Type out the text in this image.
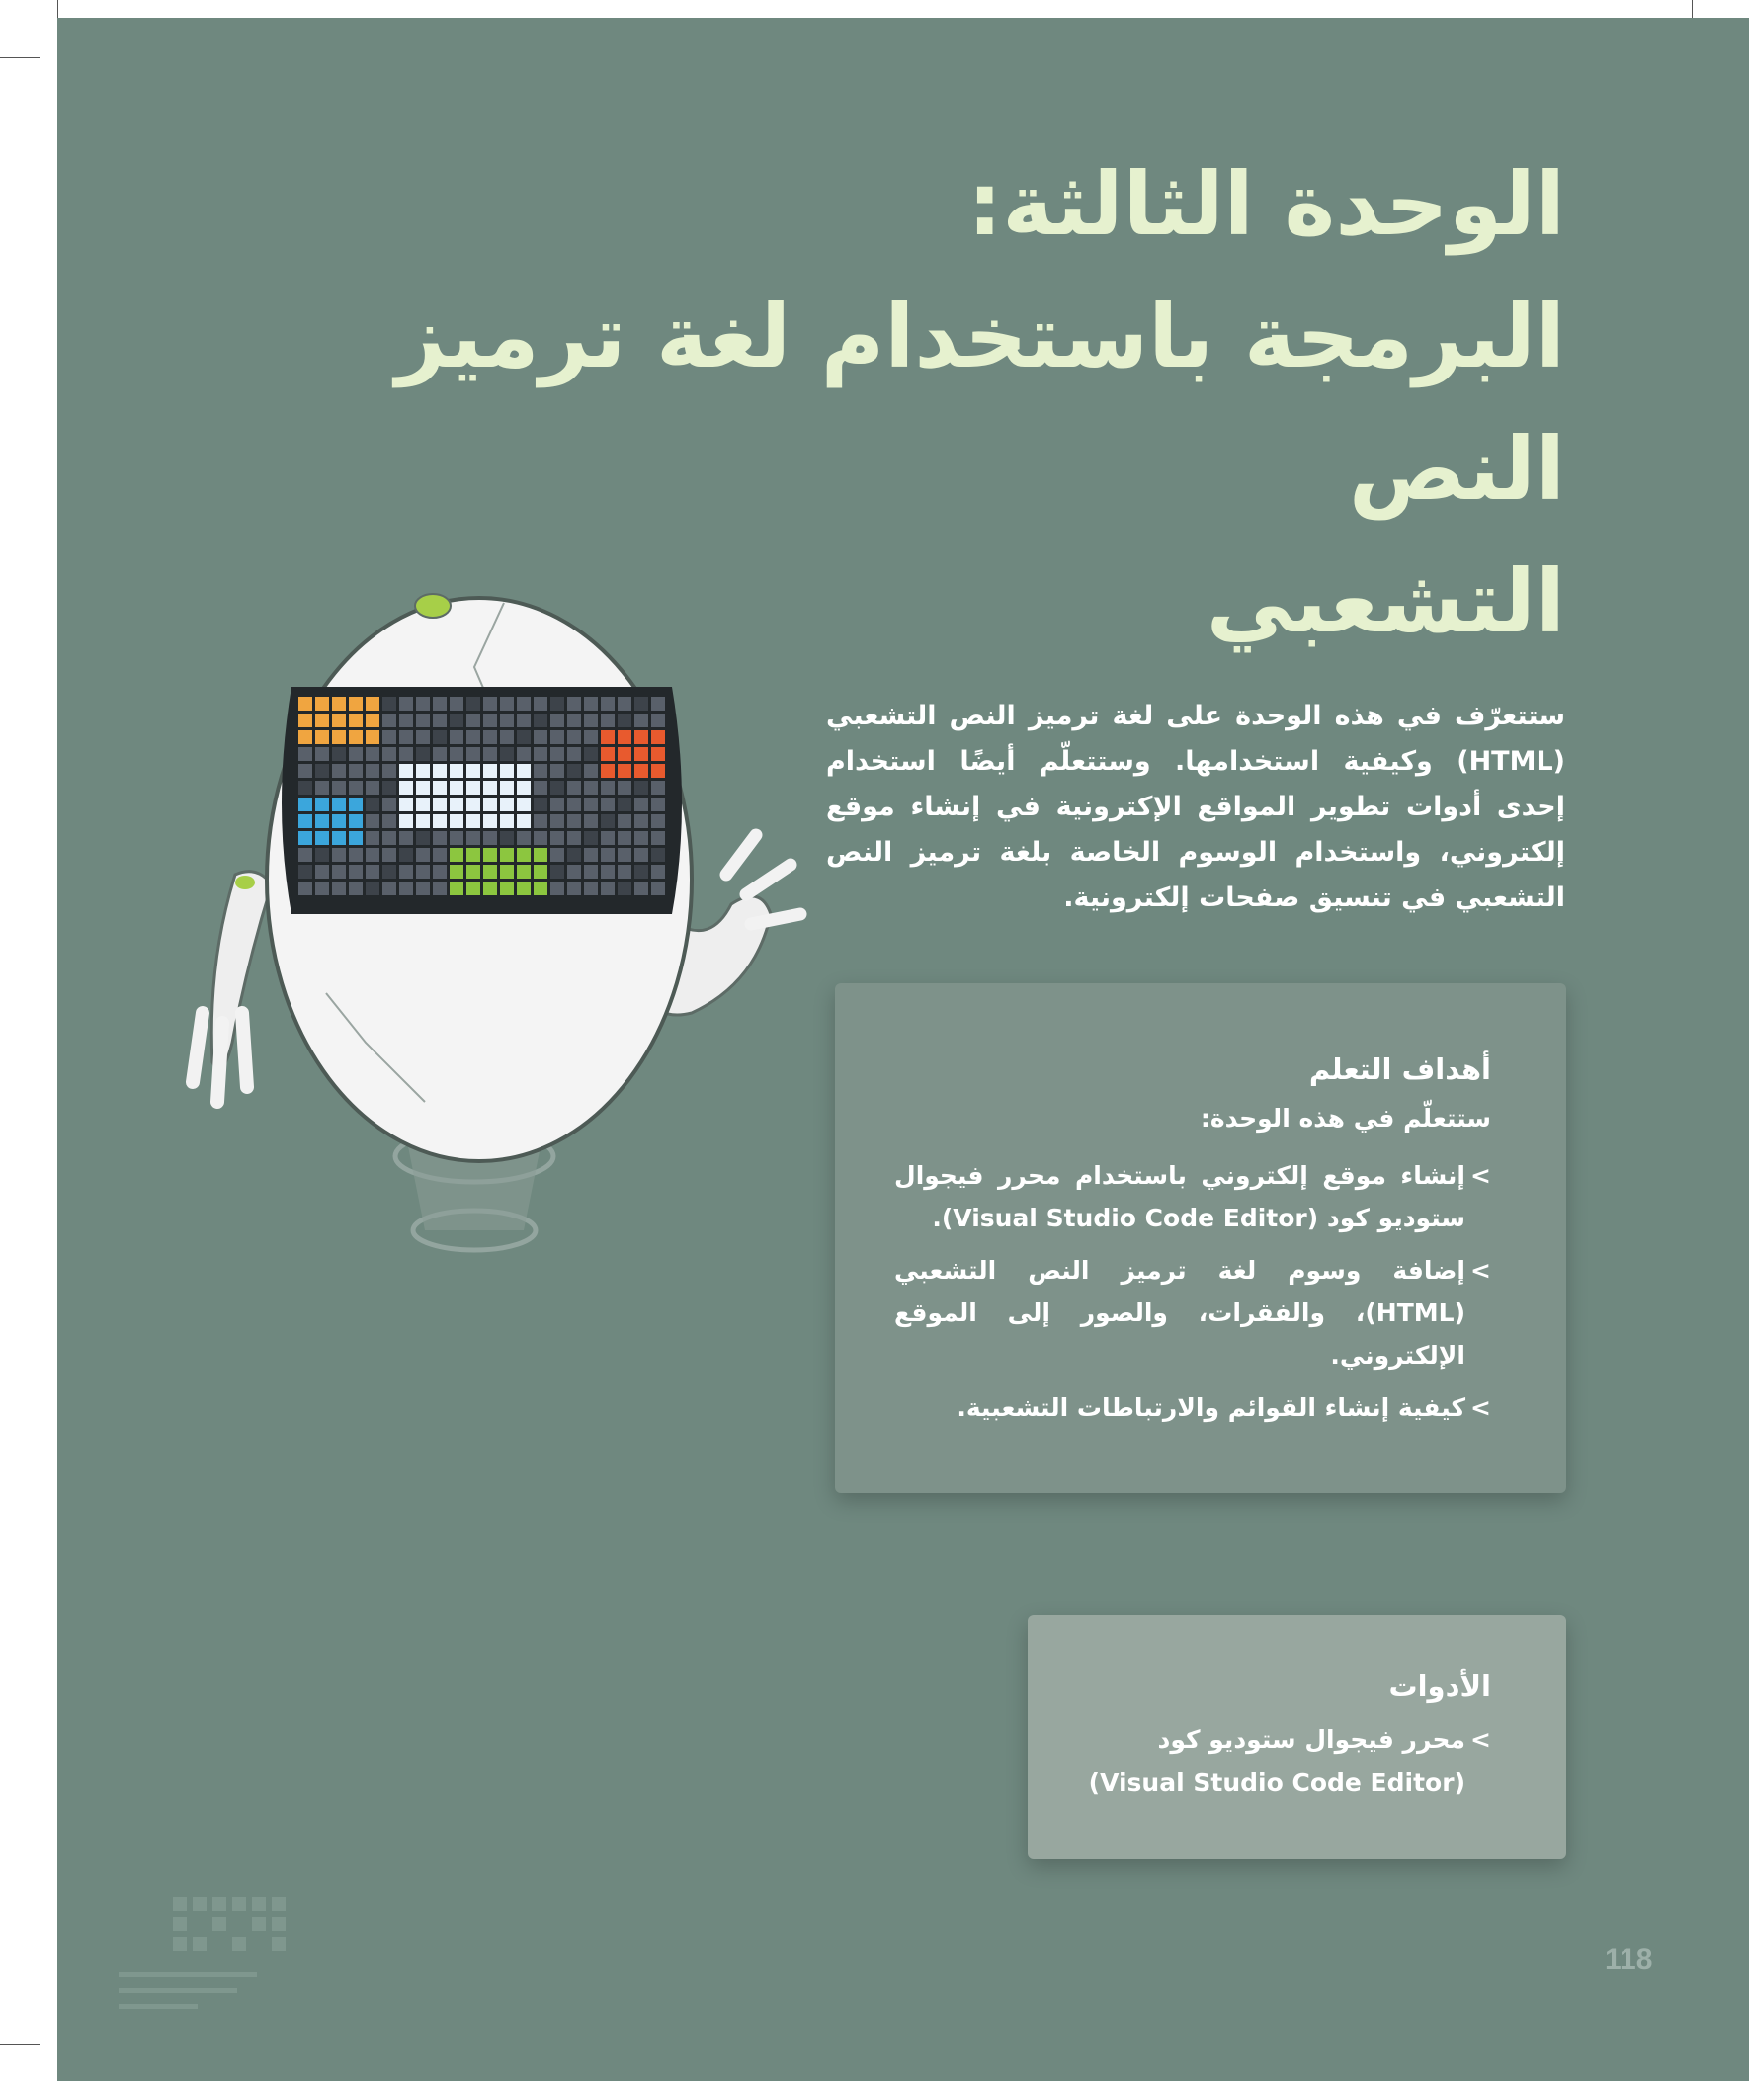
الوحدة الثالثة:
البرمجة باستخدام لغة ترميز النص
التشعبي

ستتعرّف في هذه الوحدة على لغة ترميز النص التشعبي (HTML) وكيفية استخدامها. وستتعلّم أيضًا استخدام إحدى أدوات تطوير المواقع الإكترونية في إنشاء موقع إلكتروني، واستخدام الوسوم الخاصة بلغة ترميز النص التشعبي في تنسيق صفحات إلكترونية.

أهداف التعلم
ستتعلّم في هذه الوحدة:
>
إنشاء موقع إلكتروني باستخدام محرر فيجوال ستوديو كود (Visual Studio Code Editor).
>
إضافة وسوم لغة ترميز النص التشعبي (HTML)، والفقرات، والصور إلى الموقع الإلكتروني.
>
كيفية إنشاء القوائم والارتباطات التشعبية.
الأدوات
>
محرر فيجوال ستوديو كود
(Visual Studio Code Editor)
118
